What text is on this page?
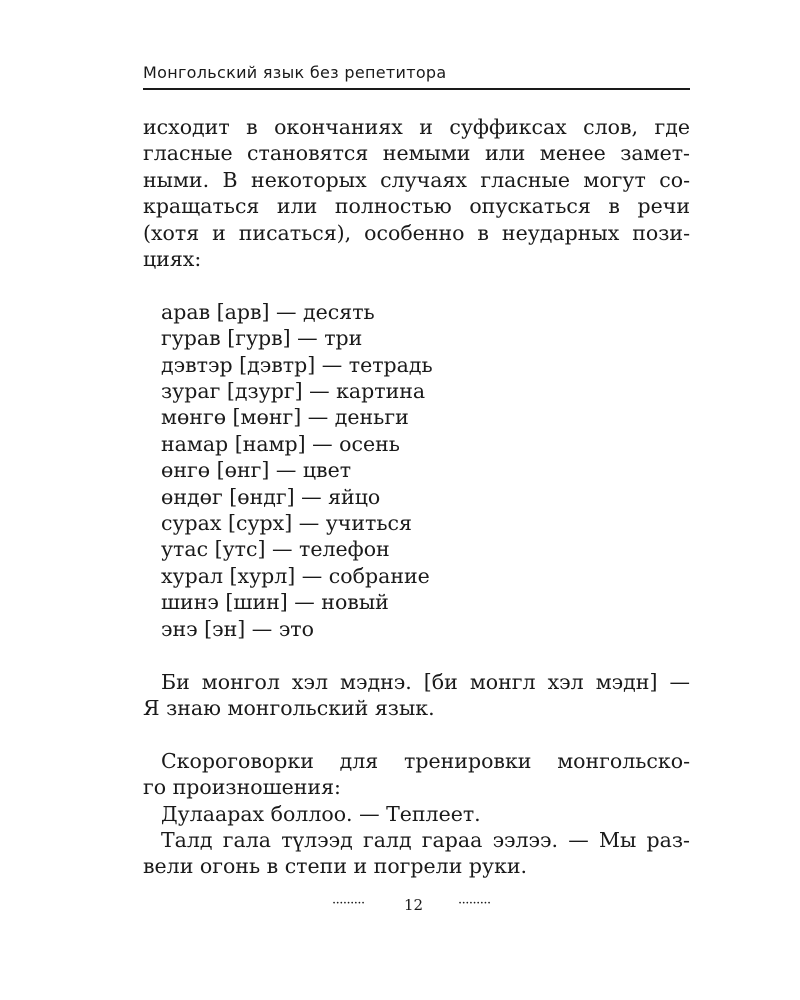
Монгольский язык без репетитора
исходит в окончаниях и суффиксах слов, где
гласные становятся немыми или менее замет-
ными. В некоторых случаях гласные могут со-
кращаться или полностью опускаться в речи
(хотя и писаться), особенно в неударных пози-
циях:
арав [арв] — десять
гурав [гурв] — три
дэвтэр [дэвтр] — тетрадь
зураг [дзург] — картина
мөнгө [мөнг] — деньги
намар [намр] — осень
өнгө [өнг] — цвет
өндөг [өндг] — яйцо
сурах [сурх] — учиться
утас [утс] — телефон
хурал [хурл] — собрание
шинэ [шин] — новый
энэ [эн] — это
Би монгол хэл мэднэ. [би монгл хэл мэдн] —
Я знаю монгольский язык.
Скороговорки для тренировки монгольско-
го произношения:
Дулаарах боллоо. — Теплеет.
Талд гала түлээд галд гараа ээлээ. — Мы раз-
вели огонь в степи и погрели руки.
·········	12	·········
